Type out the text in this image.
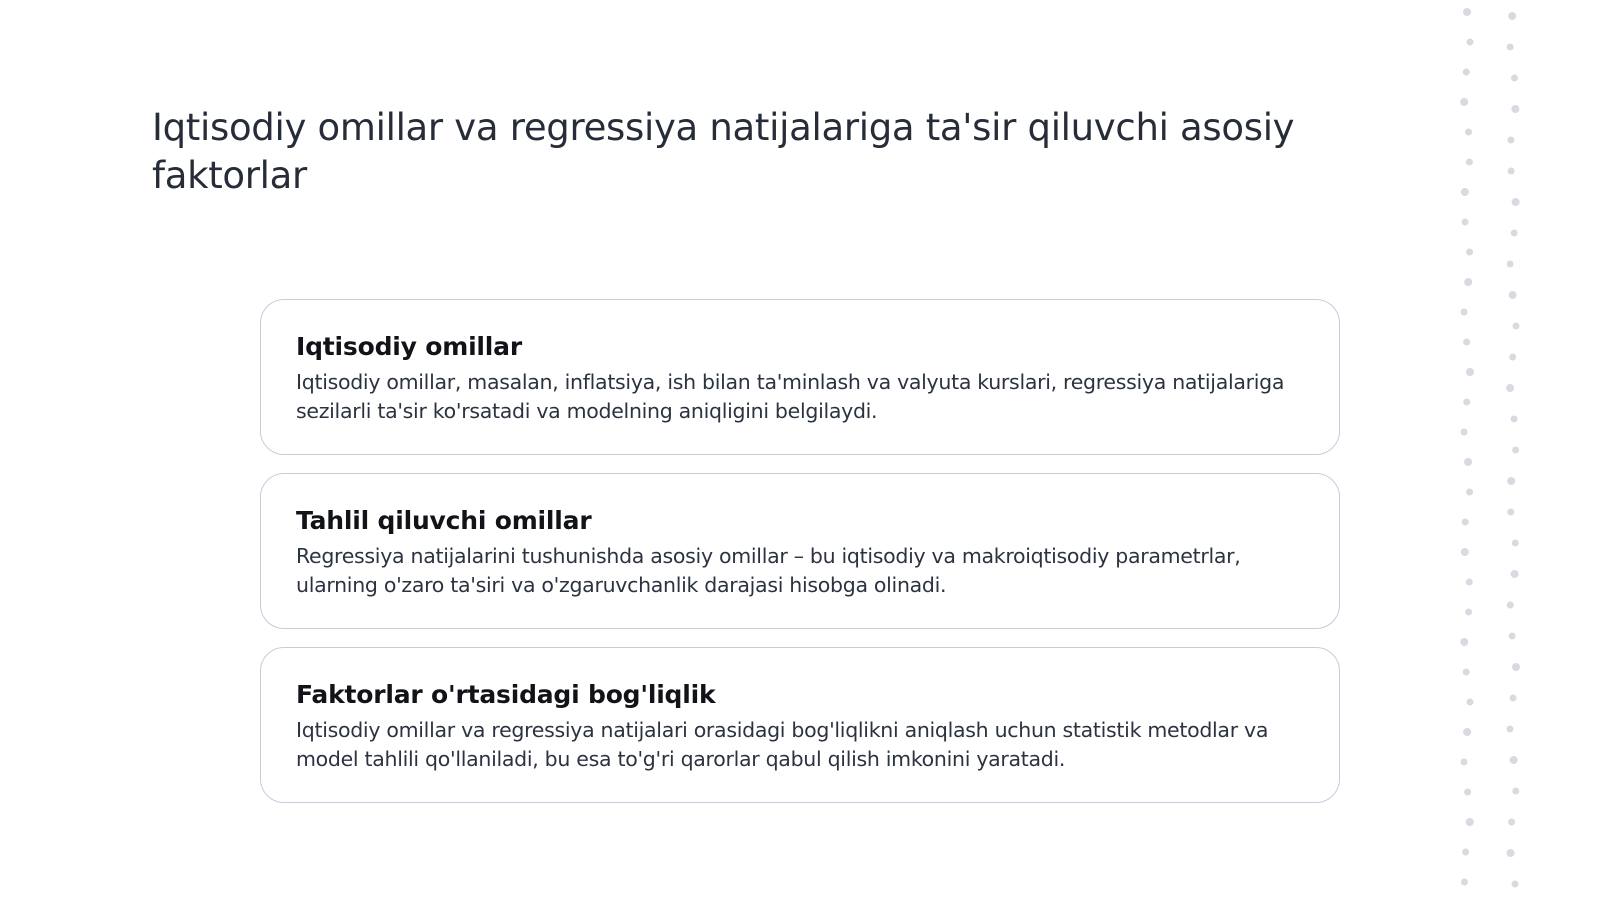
Iqtisodiy omillar va regressiya natijalariga ta'sir qiluvchi asosiy faktorlar
Iqtisodiy omillar

Iqtisodiy omillar, masalan, inflatsiya, ish bilan ta'minlash va valyuta kurslari, regressiya natijalariga sezilarli ta'sir ko'rsatadi va modelning aniqligini belgilaydi.

Tahlil qiluvchi omillar

Regressiya natijalarini tushunishda asosiy omillar – bu iqtisodiy va makroiqtisodiy parametrlar, ularning o'zaro ta'siri va o'zgaruvchanlik darajasi hisobga olinadi.

Faktorlar o'rtasidagi bog'liqlik

Iqtisodiy omillar va regressiya natijalari orasidagi bog'liqlikni aniqlash uchun statistik metodlar va model tahlili qo'llaniladi, bu esa to'g'ri qarorlar qabul qilish imkonini yaratadi.
